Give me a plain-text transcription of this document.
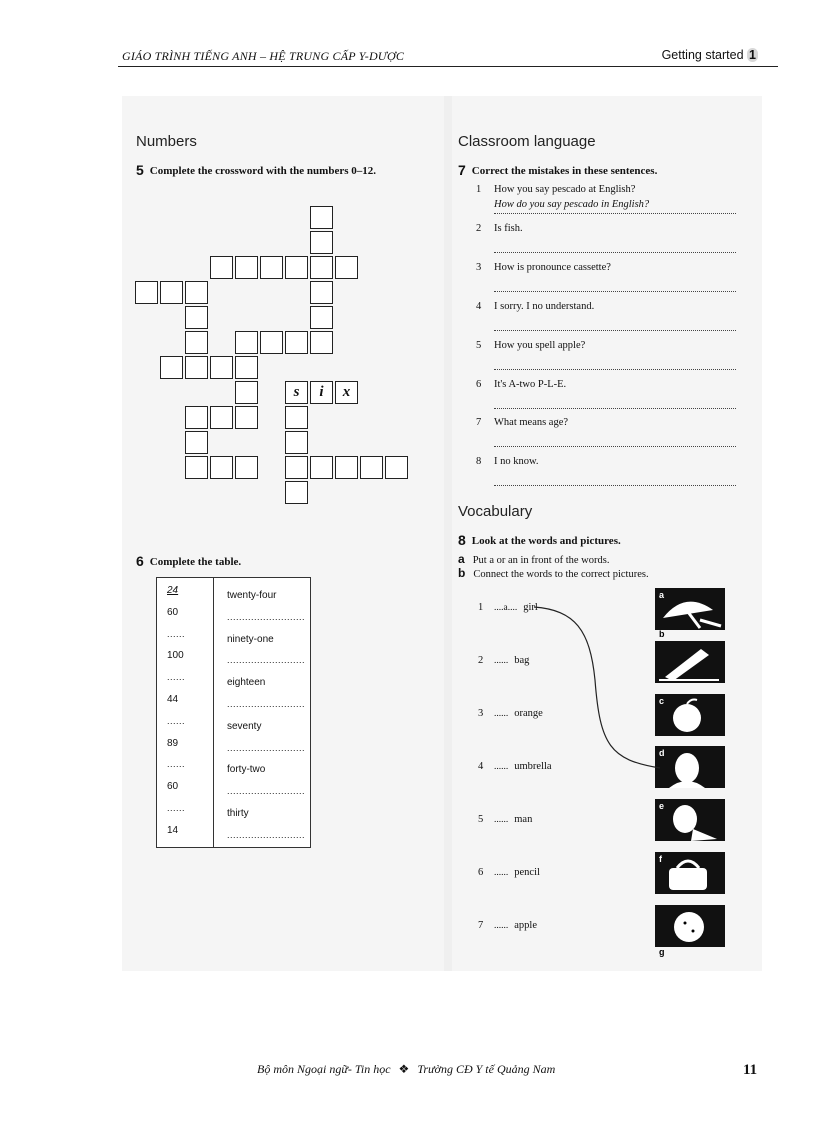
GIÁO TRÌNH TIẾNG ANH – HỆ TRUNG CẤP Y-DƯỢC	Getting started 1
Numbers
5 Complete the crossword with the numbers 0–12.
s	i	x
6 Complete the table.
24	twenty-four
60	..........................
......	ninety-one
100	..........................
......	eighteen
44	..........................
......	seventy
89	..........................
......	forty-two
60	..........................
......	thirty
14	..........................
Classroom language
7 Correct the mistakes in these sentences.
1 How you say pescado at English?
How do you say pescado in English?
2 Is fish.
3 How is pronounce cassette?
4 I sorry. I no understand.
5 How you spell apple?
6 It's A-two P-L-E.
7 What means age?
8 I no know.
Vocabulary
8 Look at the words and pictures.
a Put a or an in front of the words.
b Connect the words to the correct pictures.
1 ....a.... girl
2 ...... bag
3 ...... orange
4 ...... umbrella
5 ...... man
6 ...... pencil
7 ...... apple
a
b
c
d
e
f
g
Bộ môn Ngoại ngữ- Tin học ❖ Trường CĐ Y tế Quảng Nam	11
